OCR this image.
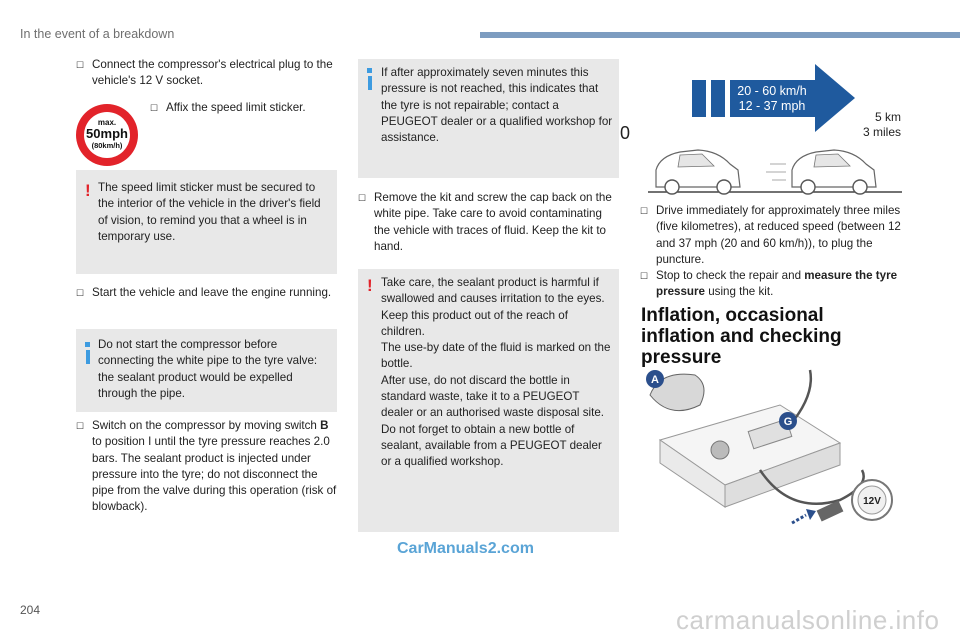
In the event of a breakdown
☐ Connect the compressor's electrical plug to the vehicle's 12 V socket.
max.
50mph
(80km/h)
☐ Affix the speed limit sticker.
! The speed limit sticker must be secured to the interior of the vehicle in the driver's field of vision, to remind you that a wheel is in temporary use.
☐ Start the vehicle and leave the engine running.
Do not start the compressor before connecting the white pipe to the tyre valve: the sealant product would be expelled through the pipe.
☐ Switch on the compressor by moving switch B to position I until the tyre pressure reaches 2.0 bars. The sealant product is injected under pressure into the tyre; do not disconnect the pipe from the valve during this operation (risk of blowback).
If after approximately seven minutes this pressure is not reached, this indicates that the tyre is not repairable; contact a PEUGEOT dealer or a qualified workshop for assistance.
☐ Remove the kit and screw the cap back on the white pipe. Take care to avoid contaminating the vehicle with traces of fluid. Keep the kit to hand.
! Take care, the sealant product is harmful if swallowed and causes irritation to the eyes.
Keep this product out of the reach of children.
The use-by date of the fluid is marked on the bottle.
After use, do not discard the bottle in standard waste, take it to a PEUGEOT dealer or an authorised waste disposal site.
Do not forget to obtain a new bottle of sealant, available from a PEUGEOT dealer or a qualified workshop.
20 - 60 km/h
12 - 37 mph
0
5 km
3 miles
☐ Drive immediately for approximately three miles (five kilometres), at reduced speed (between 12 and 37 mph (20 and 60 km/h)), to plug the puncture.
☐ Stop to check the repair and measure the tyre pressure using the kit.
Inflation, occasional inflation and checking pressure
A
G
12V
204
CarManuals2.com
carmanualsonline.info
